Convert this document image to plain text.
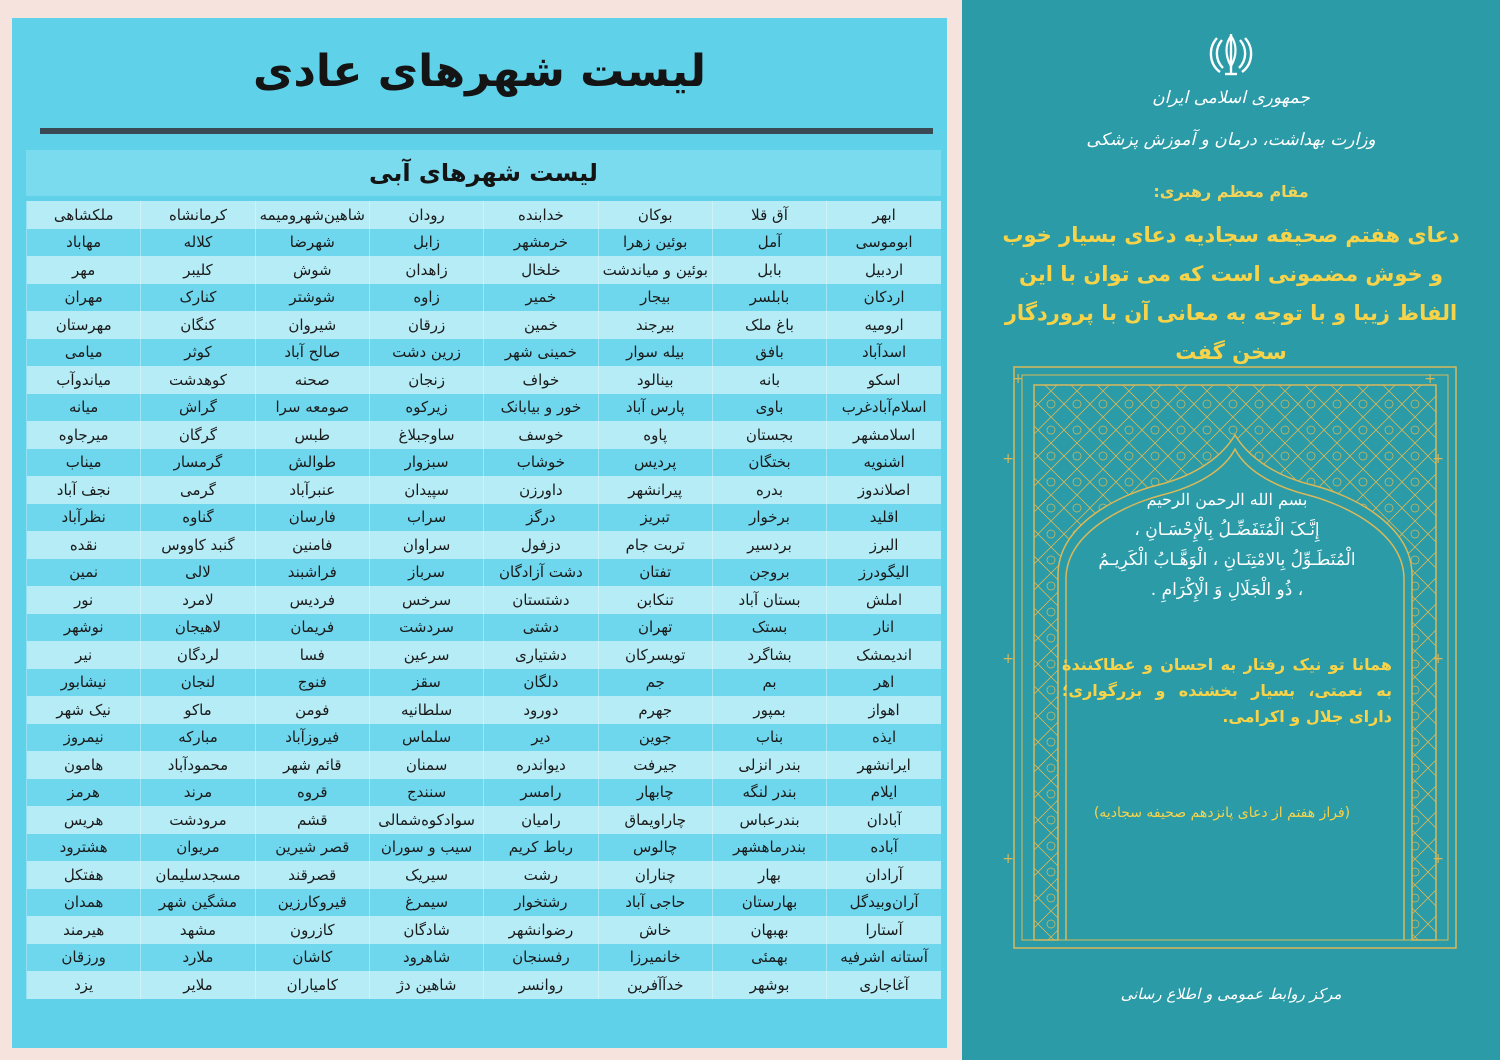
لیست شهرهای عادی
لیست شهرهای آبی
ابهر	آق قلا	بوکان	خدابنده	رودان	شاهین‌شهروميمه	کرمانشاه	ملکشاهی
ابوموسی	آمل	بوئین زهرا	خرمشهر	زابل	شهرضا	کلاله	مهاباد
اردبیل	بابل	بوئین و میاندشت	خلخال	زاهدان	شوش	کلیبر	مهر
اردکان	بابلسر	بیجار	خمیر	زاوه	شوشتر	کنارک	مهران
ارومیه	باغ ملک	بیرجند	خمین	زرقان	شیروان	کنگان	مهرستان
اسدآباد	بافق	بیله سوار	خمینی شهر	زرین دشت	صالح آباد	کوثر	میامی
اسکو	بانه	بینالود	خواف	زنجان	صحنه	کوهدشت	میاندوآب
اسلام‌آبادغرب	باوی	پارس آباد	خور و بیابانک	زیرکوه	صومعه سرا	گراش	میانه
اسلامشهر	بجستان	پاوه	خوسف	ساوجبلاغ	طبس	گرگان	میرجاوه
اشنویه	بختگان	پردیس	خوشاب	سبزوار	طوالش	گرمسار	میناب
اصلاندوز	بدره	پیرانشهر	داورزن	سپیدان	عنبرآباد	گرمی	نجف آباد
اقلید	برخوار	تبریز	درگز	سراب	فارسان	گناوه	نظرآباد
البرز	بردسیر	تربت جام	دزفول	سراوان	فامنین	گنبد کاووس	نقده
الیگودرز	بروجن	تفتان	دشت آزادگان	سرباز	فراشبند	لالی	نمین
املش	بستان آباد	تنکابن	دشتستان	سرخس	فردیس	لامرد	نور
انار	بستک	تهران	دشتی	سردشت	فریمان	لاهیجان	نوشهر
اندیمشک	بشاگرد	تویسرکان	دشتیاری	سرعین	فسا	لردگان	نیر
اهر	بم	جم	دلگان	سقز	فنوج	لنجان	نیشابور
اهواز	بمپور	جهرم	دورود	سلطانیه	فومن	ماکو	نیک شهر
ایذه	بناب	جوین	دیر	سلماس	فیروزآباد	مبارکه	نیمروز
ایرانشهر	بندر انزلی	جیرفت	دیواندره	سمنان	قائم شهر	محمودآباد	هامون
ایلام	بندر لنگه	چابهار	رامسر	سنندج	قروه	مرند	هرمز
آبادان	بندرعباس	چاراویماق	رامیان	سوادکوه‌شمالی	قشم	مرودشت	هریس
آباده	بندرماهشهر	چالوس	رباط کریم	سیب و سوران	قصر شیرین	مریوان	هشترود
آرادان	بهار	چناران	رشت	سیریک	قصرقند	مسجدسلیمان	هفتکل
آران‌وبیدگل	بهارستان	حاجی آباد	رشتخوار	سیمرغ	قیروکارزین	مشگین شهر	همدان
آستارا	بهبهان	خاش	رضوانشهر	شادگان	کازرون	مشهد	هیرمند
آستانه اشرفیه	بهمئی	خانمیرزا	رفسنجان	شاهرود	کاشان	ملارد	ورزقان
آغاجاری	بوشهر	خدآآفرین	روانسر	شاهین دژ	کامیاران	ملایر	یزد
جمهوری اسلامی ایران
وزارت بهداشت، درمان و آموزش پزشکی
مقام معظم رهبری:
دعای هفتم صحیفه سجادیه دعای بسیار خوب و خوش مضمونی است که می توان با این الفاظ زیبا و با توجه به معانی آن با پروردگار سخن گفت
+	+
+	+
+	+
+	+
بسم الله الرحمن الرحیم
إِنَّـکَ الْمُتَفَضِّـلُ بِالْإِحْسَـانِ ،
الْمُتَطَـوِّلُ بِالامْتِنَـانِ ، الْوَهَّـابُ الْکَرِیـمُ
، ذُو الْجَلَالِ وَ الْإِکْرَامِ .
همانا تو نیک رفتار به احسان و عطاکنندهٔ به نعمتی، بسیار بخشنده و بزرگواری؛ دارای جلال و اکرامی.
(فراز هفتم از دعای پانزدهم صحیفه سجادیه)
مرکز روابط عمومی و اطلاع رسانی
